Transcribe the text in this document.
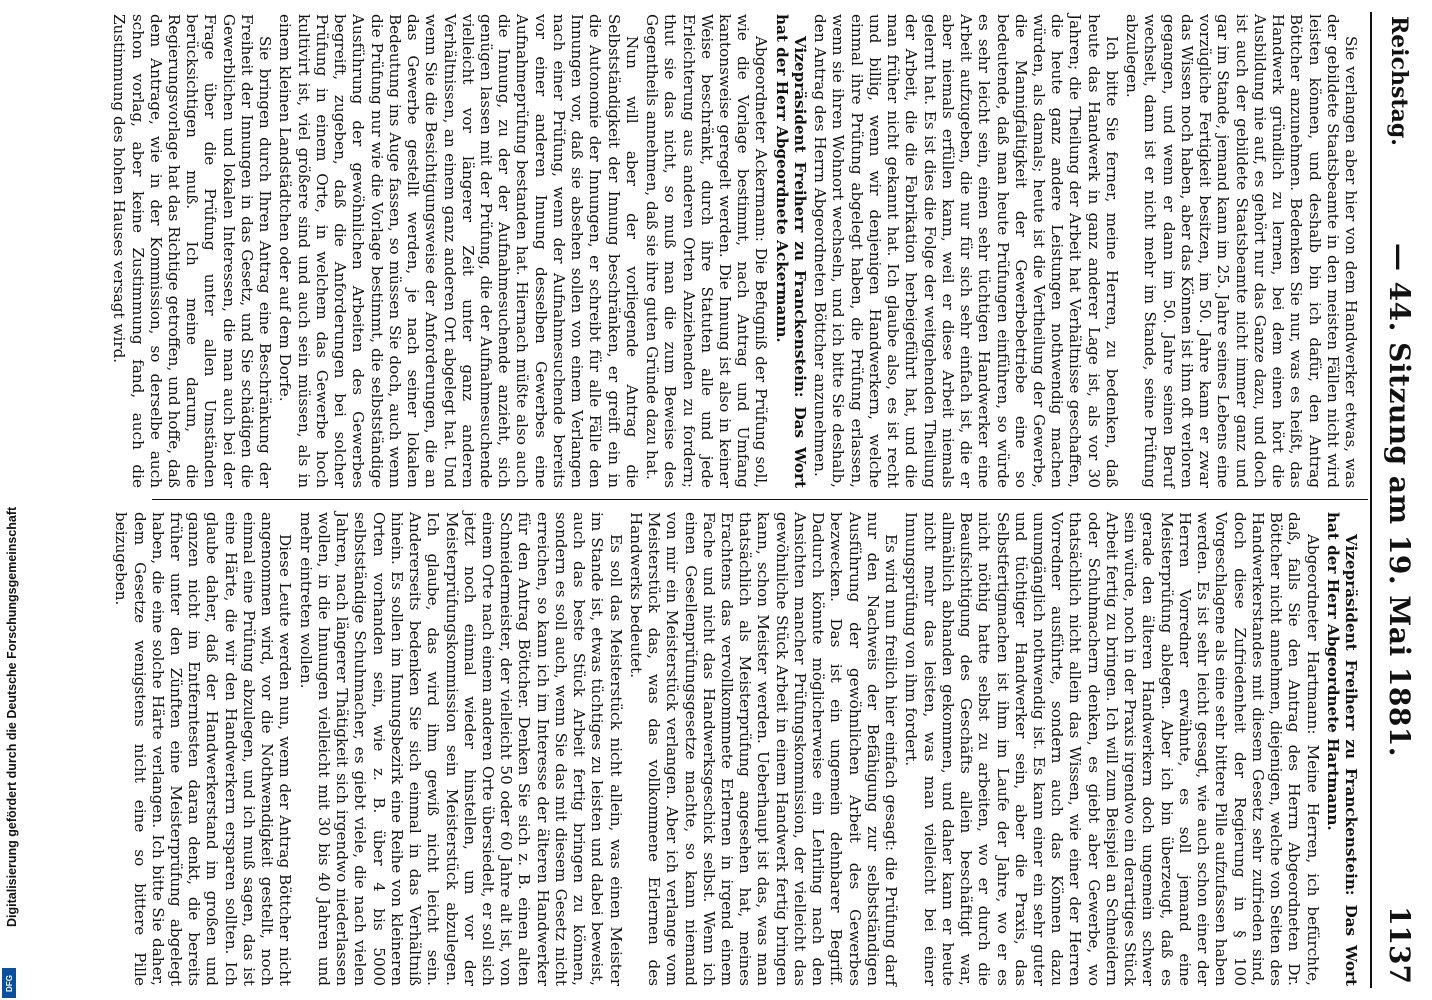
Reichstag.
— 44. Sitzung am 19. Mai 1881.
1137

Sie verlangen aber hier von dem Handwerker etwas, was der gebildete Staatsbeamte in den meisten Fällen nicht wird leisten können, und deshalb bin ich dafür, den Antrag Böttcher anzunehmen. Bedenken Sie nur, was es heißt, das Handwerk gründlich zu lernen, bei dem einen hört die Ausbildung nie auf, es gehört nur das Ganze dazu, und doch ist auch der gebildete Staatsbeamte nicht immer ganz und gar im Stande, jemand kann im 25. Jahre seines Lebens eine vorzügliche Fertigkeit besitzen, im 50. Jahre kann er zwar das Wissen noch haben, aber das Können ist ihm oft verloren gegangen, und wenn er dann im 50. Jahre seinen Beruf wechselt, dann ist er nicht mehr im Stande, seine Prüfung abzulegen.

Ich bitte Sie ferner, meine Herren, zu bedenken, daß heute das Handwerk in ganz anderer Lage ist, als vor 30 Jahren; die Theilung der Arbeit hat Verhältnisse geschaffen, die heute ganz andere Leistungen nothwendig machen würden, als damals; heute ist die Vertheilung der Gewerbe, die Mannigfaltigkeit der Gewerbebetriebe eine so bedeutende, daß man heute Prüfungen einführen, so würde es sehr leicht sein, einen sehr tüchtigen Handwerker eine Arbeit aufzugeben, die nur für sich sehr einfach ist, die er aber niemals erfüllen kann, weil er diese Arbeit niemals gelernt hat. Es ist dies die Folge der weitgehenden Theilung der Arbeit, die die Fabrikation herbeigeführt hat, und die man früher nicht gekannt hat. Ich glaube also, es ist recht und billig, wenn wir denjenigen Handwerkern, welche einmal ihre Prüfung abgelegt haben, die Prüfung erlassen, wenn sie ihren Wohnort wechseln, und ich bitte Sie deshalb, den Antrag des Herrn Abgeordneten Böttcher anzunehmen.

Vizepräsident Freiherr zu Franckenstein: Das Wort hat der Herr Abgeordnete Ackermann.

Abgeordneter Ackermann: Die Befugniß der Prüfung soll, wie die Vorlage bestimmt, nach Antrag und Umfang kantonsweise geregelt werden. Die Innung ist also in keiner Weise beschränkt, durch ihre Statuten alle und jede Erleichterung aus anderen Orten Anziehenden zu fordern; thut sie das nicht, so muß man die zum Beweise des Gegentheils annehmen, daß sie ihre guten Gründe dazu hat.

Nun will aber der vorliegende Antrag die Selbstständigkeit der Innung beschränken, er greift ein in die Autonomie der Innungen, er schreibt für alle Fälle den Innungen vor, daß sie absehen sollen von einem Verlangen nach einer Prüfung, wenn der Aufnahmesuchende bereits vor einer anderen Innung desselben Gewerbes eine Aufnahmeprüfung bestanden hat. Hiernach müßte also auch die Innung, zu der der Aufnahmesuchende anzieht, sich genügen lassen mit der Prüfung, die der Aufnahmesuchende vielleicht vor längerer Zeit unter ganz anderen Verhältnissen, an einem ganz anderen Ort abgelegt hat. Und wenn Sie die Besichtigungsweise der Anforderungen, die an das Gewerbe gestellt werden, je nach seiner lokalen Bedeutung ins Auge fassen, so müssen Sie doch, auch wenn die Prüfung nur wie die Vorlage bestimmt, die selbstständige Ausführung der gewöhnlichen Arbeiten des Gewerbes begreift, zugeben, daß die Anforderungen bei solcher Prüfung in einem Orte, in welchem das Gewerbe hoch kultivirt ist, viel größere sind und auch sein müssen, als in einem kleinen Landstädtchen oder auf dem Dorfe.

Sie bringen durch Ihren Antrag eine Beschränkung der Freiheit der Innungen in das Gesetz, und Sie schädigen die Gewerblichen und lokalen Interessen, die man auch bei der Frage über die Prüfung unter allen Umständen berücksichtigen muß. Ich meine darum, die Regierungsvorlage hat das Richtige getroffen, und hoffe, daß dem Antrage, wie in der Kommission, so derselbe auch schon vorlag, aber keine Zustimmung fand, auch die Zustimmung des hohen Hauses versagt wird.

Vizepräsident Freiherr zu Franckenstein: Das Wort hat der Herr Abgeordnete Hartmann.

Abgeordneter Hartmann: Meine Herren, ich befürchte, daß, falls Sie den Antrag des Herrn Abgeordneten Dr. Böttcher nicht annehmen, diejenigen, welche von Seiten des Handwerkerstandes mit diesem Gesetz sehr zufrieden sind, doch diese Zufriedenheit der Regierung in § 100 Vorgeschlagene als eine sehr bittere Pille aufzufassen haben werden. Es ist sehr leicht gesagt, wie auch schon einer der Herren Vorredner erwähnte, es soll jemand eine Meisterprüfung ablegen. Aber ich bin überzeugt, daß es gerade den älteren Handwerkern doch ungemein schwer sein würde, noch in der Praxis irgendwo ein derartiges Stück Arbeit fertig zu bringen. Ich will zum Beispiel an Schneidern oder Schuhmachern denken, es giebt aber Gewerbe, wo thatsächlich nicht allein das Wissen, wie einer der Herren Vorredner ausführte, sondern auch das Können dazu unumgänglich nothwendig ist. Es kann einer ein sehr guter und tüchtiger Handwerker sein, aber die Praxis, das Selbstfertigmachen ist ihm im Laufe der Jahre, wo er es nicht nöthig hatte selbst zu arbeiten, wo er durch die Beaufsichtigung des Geschäfts allein beschäftigt war, allmählich abhanden gekommen, und daher kann er heute nicht mehr das leisten, was man vielleicht bei einer Innungsprüfung von ihm fordert.

Es wird nun freilich hier einfach gesagt: die Prüfung darf nur den Nachweis der Befähigung zur selbstständigen Ausführung der gewöhnlichen Arbeit des Gewerbes bezwecken. Das ist ein ungemein dehnbarer Begriff. Dadurch könnte möglicherweise ein Lehrling nach den Ansichten mancher Prüfungskommission, der vielleicht das gewöhnliche Stück Arbeit in einem Handwerk fertig bringen kann, schon Meister werden. Ueberhaupt ist das, was man thatsächlich als Meisterprüfung angesehen hat, meines Erachtens das vervollkommnete Erlernen in irgend einem Fache und nicht das Handwerksgeschick selbst. Wenn ich einen Gesellenprüfungsgesetze machte, so kann niemand von mir ein Meisterstück verlangen. Aber ich verlange vom Meisterstück das, was das vollkommene Erlernen des Handwerks bedeutet.

Es soll das Meisterstück nicht allein, was einen Meister im Stande ist, etwas tüchtiges zu leisten und dabei beweist, auch das beste Stück Arbeit fertig bringen zu können, sondern es soll auch, wenn Sie das mit diesem Gesetz nicht erreichen, so kann ich im Interesse der älteren Handwerker für den Antrag Böttcher. Denken Sie sich z. B. einen alten Schneidermeister, der vielleicht 50 oder 60 Jahre alt ist, von einem Orte nach einem anderen Orte übersiedelt, er soll sich jetzt noch einmal wieder hinstellen, um vor der Meisterprüfungskommission sein Meisterstück abzulegen. Ich glaube, das wird ihm gewiß nicht leicht sein. Andererseits bedenken Sie sich einmal in das Verhältniß hinein. Es sollen im Innungsbezirk eine Reihe von kleineren Orten vorhanden sein, wie z. B. über 4 bis 5000 selbstständige Schuhmacher, es giebt viele, die nach vielen Jahren, nach längerer Thätigkeit sich irgendwo niederlassen wollen, in die Innungen vielleicht mit 30 bis 40 Jahren und mehr eintreten wollen.

Diese Leute werden nun, wenn der Antrag Böttcher nicht angenommen wird, vor die Nothwendigkeit gestellt, noch einmal eine Prüfung abzulegen, und ich muß sagen, das ist eine Härte, die wir den Handwerkern ersparen sollten. Ich glaube daher, daß der Handwerkerstand im großen und ganzen nicht im Entferntesten daran denkt, die bereits früher unter den Zünften eine Meisterprüfung abgelegt haben, die eine solche Härte verlangen. Ich bitte Sie daher, dem Gesetze wenigstens nicht eine so bittere Pille beizugeben.

Digitalisierung gefördert durch die Deutsche Forschungsgemeinschaft
DFG
